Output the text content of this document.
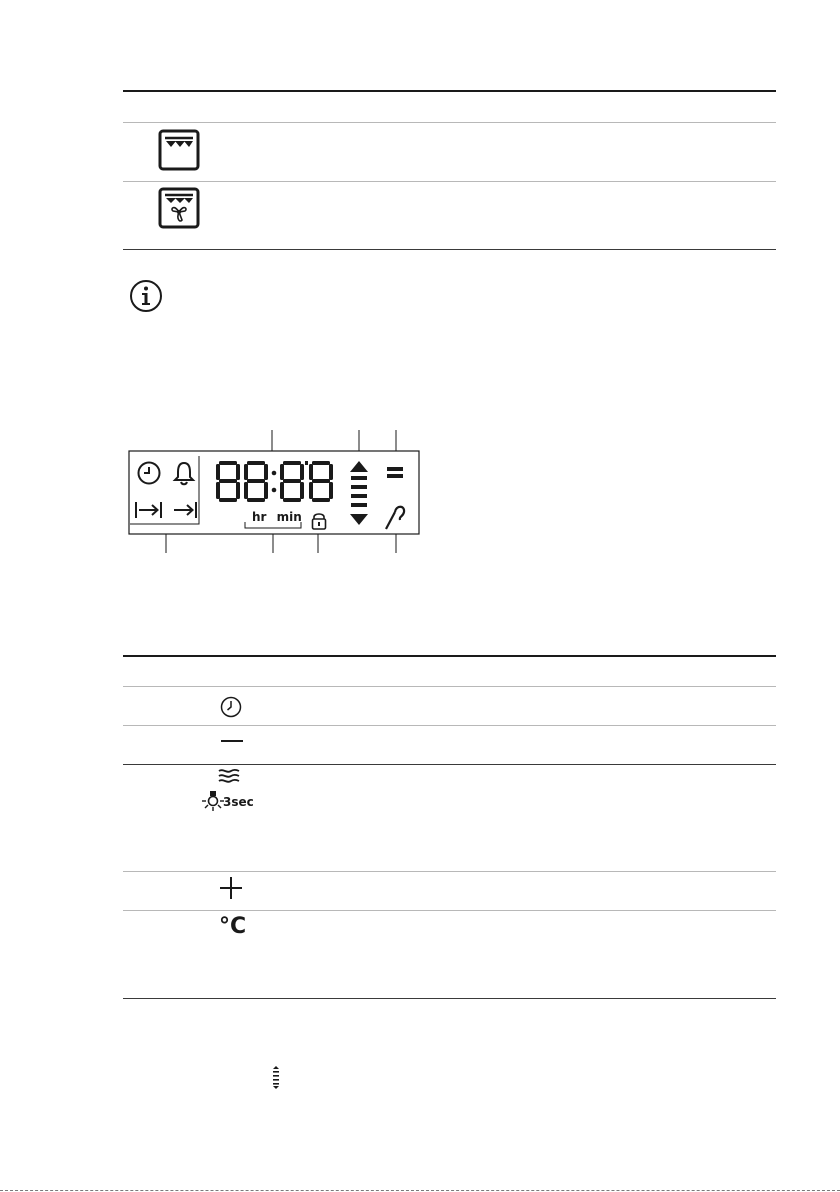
hr min
3sec
°C
